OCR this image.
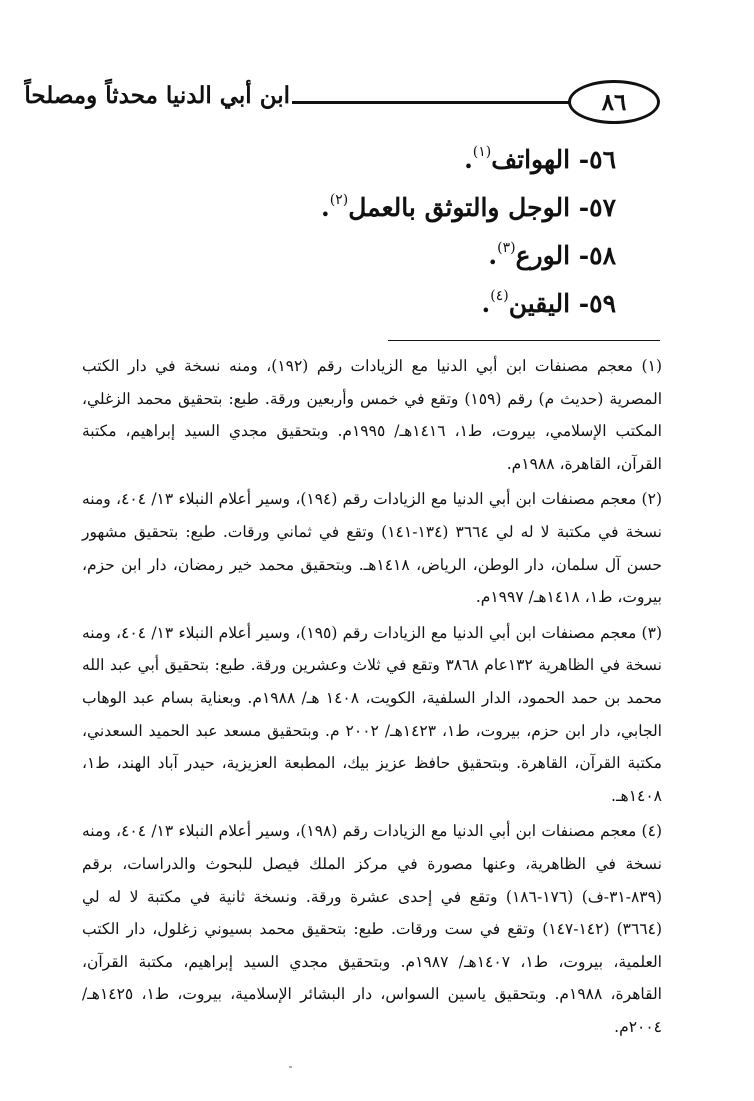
٨٦
ابن أبي الدنيا محدثاً ومصلحاً
٥٦- الهواتف$^{(١)}$.
٥٧- الوجل والتوثق بالعمل$^{(٢)}$.
٥٨- الورع$^{(٣)}$.
٥٩- اليقين$^{(٤)}$.

(١) معجم مصنفات ابن أبي الدنيا مع الزيادات رقم (١٩٢)، ومنه نسخة في دار الكتب المصرية (حديث م) رقم (١٥٩) وتقع في خمس وأربعين ورقة. طبع: بتحقيق محمد الزغلي، المكتب الإسلامي، بيروت، ط١، ١٤١٦هـ/ ١٩٩٥م. وبتحقيق مجدي السيد إبراهيم، مكتبة القرآن، القاهرة، ١٩٨٨م.

(٢) معجم مصنفات ابن أبي الدنيا مع الزيادات رقم (١٩٤)، وسير أعلام النبلاء ١٣/ ٤٠٤، ومنه نسخة في مكتبة لا له لي ٣٦٦٤ (١٣٤-١٤١) وتقع في ثماني ورقات. طبع: بتحقيق مشهور حسن آل سلمان، دار الوطن، الرياض، ١٤١٨هـ. وبتحقيق محمد خير رمضان، دار ابن حزم، بيروت، ط١، ١٤١٨هـ/ ١٩٩٧م.

(٣) معجم مصنفات ابن أبي الدنيا مع الزيادات رقم (١٩٥)، وسير أعلام النبلاء ١٣/ ٤٠٤، ومنه نسخة في الظاهرية ١٣٢عام ٣٨٦٨ وتقع في ثلاث وعشرين ورقة. طبع: بتحقيق أبي عبد الله محمد بن حمد الحمود، الدار السلفية، الكويت، ١٤٠٨ هـ/ ١٩٨٨م. وبعناية بسام عبد الوهاب الجابي، دار ابن حزم، بيروت، ط١، ١٤٢٣هـ/ ٢٠٠٢ م. وبتحقيق مسعد عبد الحميد السعدني، مكتبة القرآن، القاهرة. وبتحقيق حافظ عزيز بيك، المطبعة العزيزية، حيدر آباد الهند، ط١، ١٤٠٨هـ.

(٤) معجم مصنفات ابن أبي الدنيا مع الزيادات رقم (١٩٨)، وسير أعلام النبلاء ١٣/ ٤٠٤، ومنه نسخة في الظاهرية، وعنها مصورة في مركز الملك فيصل للبحوث والدراسات، برقم (٨٣٩-٣١-ف) (١٧٦-١٨٦) وتقع في إحدى عشرة ورقة. ونسخة ثانية في مكتبة لا له لي (٣٦٦٤) (١٤٢-١٤٧) وتقع في ست ورقات. طبع: بتحقيق محمد بسيوني زغلول، دار الكتب العلمية، بيروت، ط١، ١٤٠٧هـ/ ١٩٨٧م. وبتحقيق مجدي السيد إبراهيم، مكتبة القرآن، القاهرة، ١٩٨٨م. وبتحقيق ياسين السواس، دار البشائر الإسلامية، بيروت، ط١، ١٤٢٥هـ/ ٢٠٠٤م.
